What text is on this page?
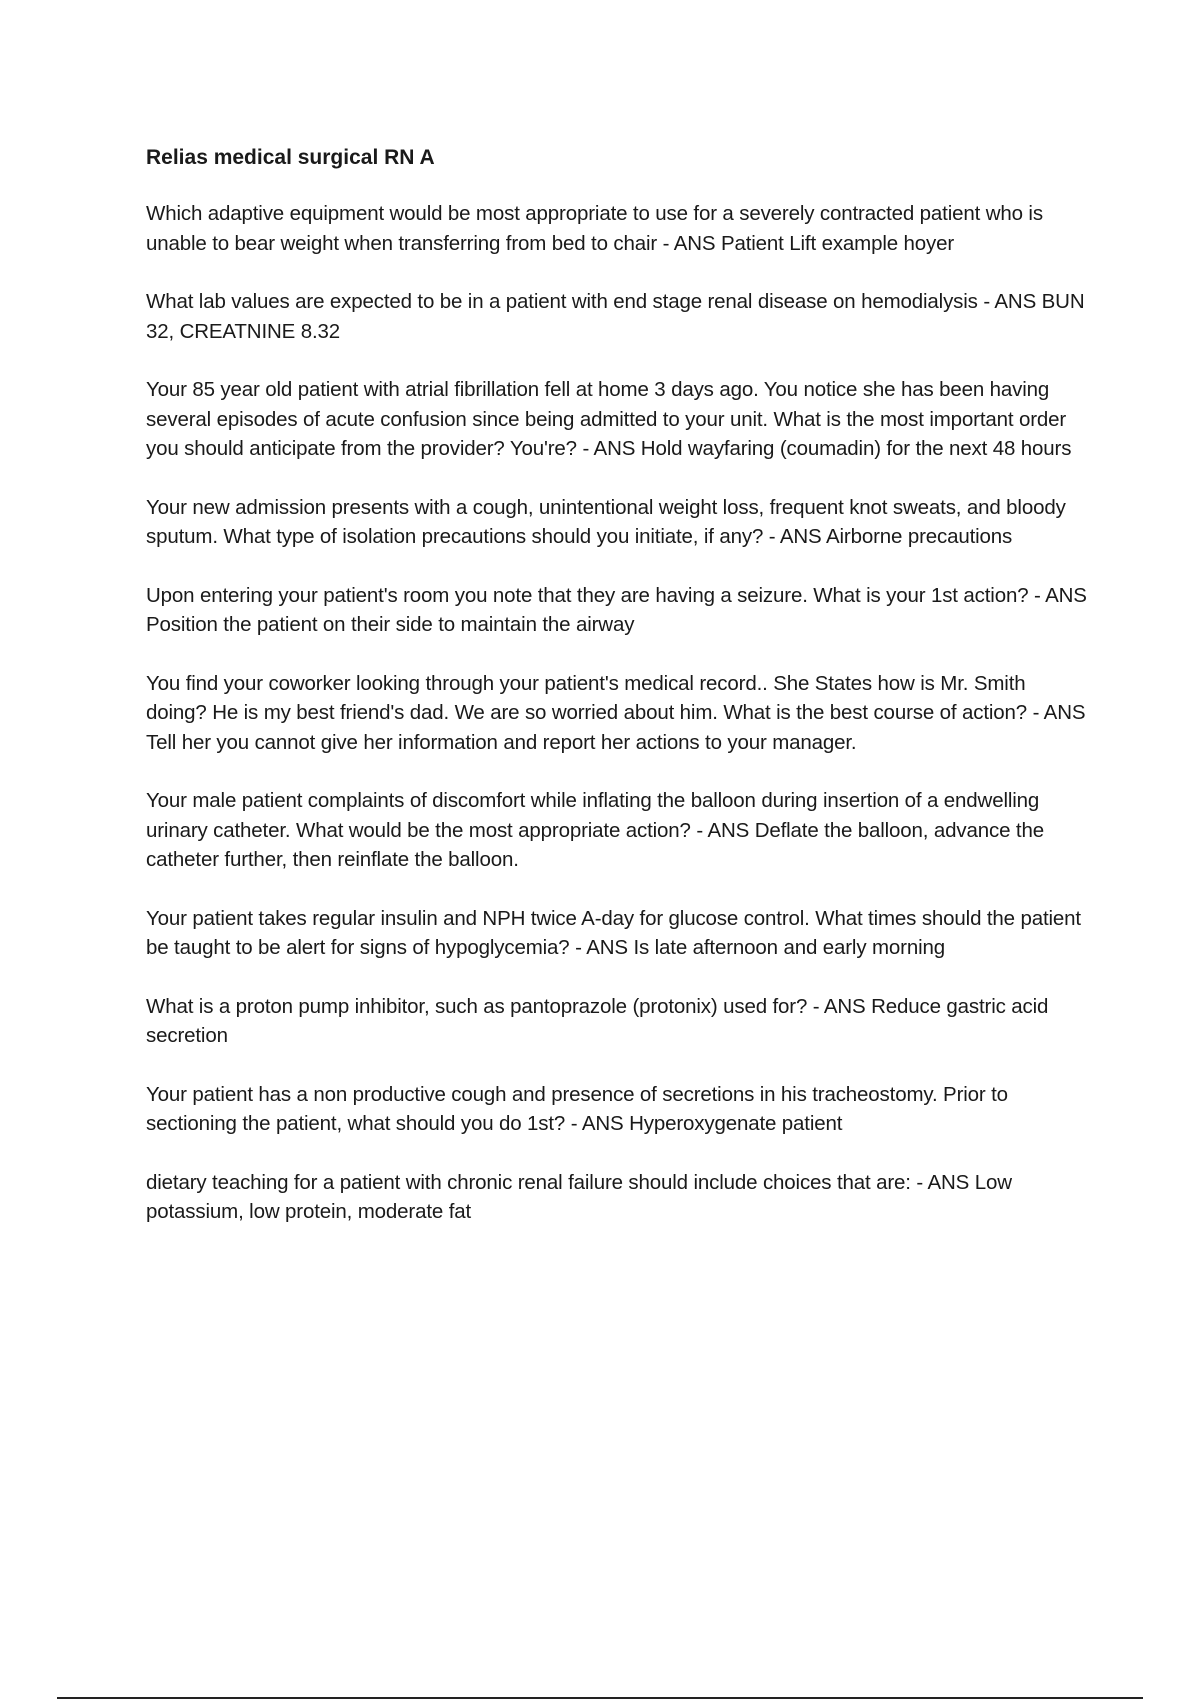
Relias medical surgical RN A

Which adaptive equipment would be most appropriate to use for a severely contracted patient who is unable to bear weight when transferring from bed to chair - ANS Patient Lift example hoyer

What lab values are expected to be in a patient with end stage renal disease on hemodialysis - ANS BUN 32, CREATNINE 8.32

Your 85 year old patient with atrial fibrillation fell at home 3 days ago. You notice she has been having several episodes of acute confusion since being admitted to your unit. What is the most important order you should anticipate from the provider? You're? - ANS Hold wayfaring (coumadin) for the next 48 hours

Your new admission presents with a cough, unintentional weight loss, frequent knot sweats, and bloody sputum. What type of isolation precautions should you initiate, if any? - ANS Airborne precautions

Upon entering your patient's room you note that they are having a seizure. What is your 1st action? - ANS Position the patient on their side to maintain the airway

You find your coworker looking through your patient's medical record.. She States how is Mr. Smith doing? He is my best friend's dad. We are so worried about him. What is the best course of action? - ANS Tell her you cannot give her information and report her actions to your manager.

Your male patient complaints of discomfort while inflating the balloon during insertion of a endwelling urinary catheter. What would be the most appropriate action? - ANS Deflate the balloon, advance the catheter further, then reinflate the balloon.

Your patient takes regular insulin and NPH twice A-day for glucose control. What times should the patient be taught to be alert for signs of hypoglycemia? - ANS Is late afternoon and early morning

What is a proton pump inhibitor, such as pantoprazole (protonix) used for? - ANS Reduce gastric acid secretion

Your patient has a non productive cough and presence of secretions in his tracheostomy. Prior to sectioning the patient, what should you do 1st? - ANS Hyperoxygenate patient

dietary teaching for a patient with chronic renal failure should include choices that are: - ANS Low potassium, low protein, moderate fat
